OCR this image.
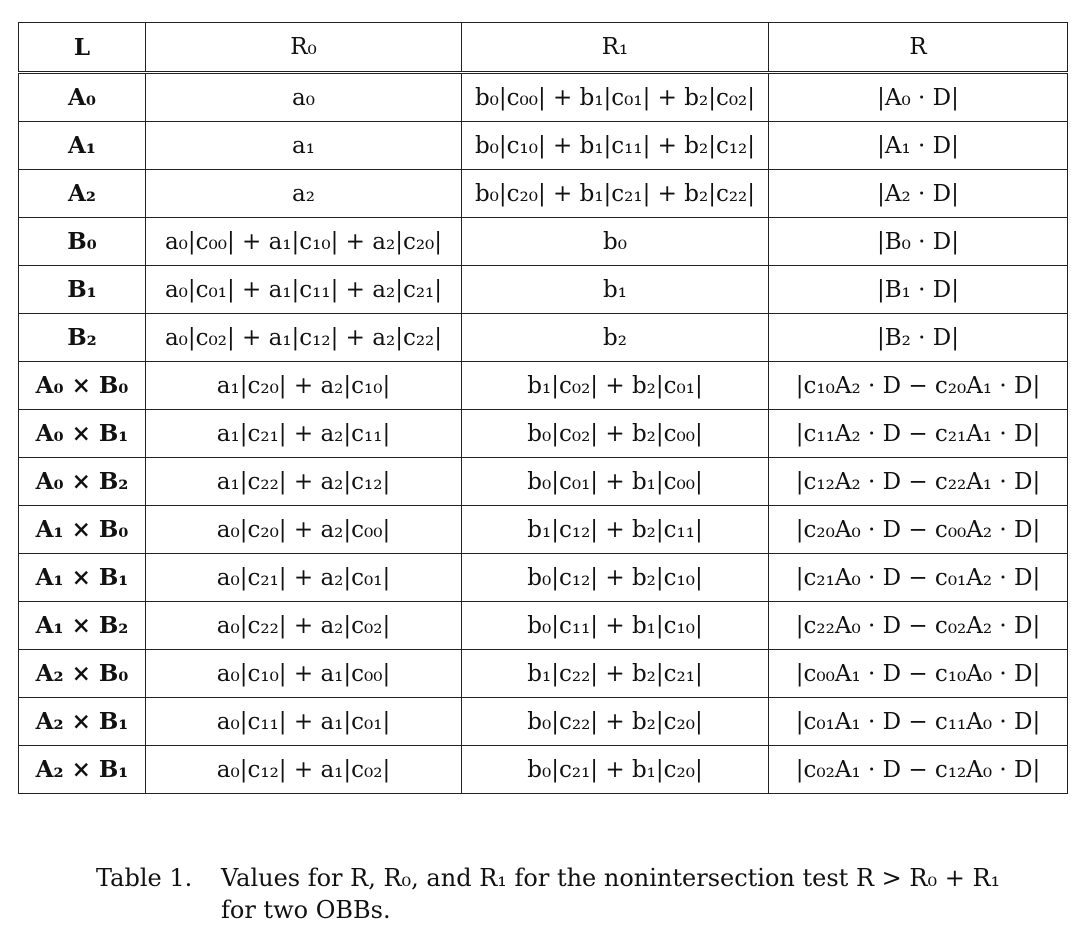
L	R₀	R₁	R
A₀	a₀	b₀|c₀₀| + b₁|c₀₁| + b₂|c₀₂|	|A₀ · D|
A₁	a₁	b₀|c₁₀| + b₁|c₁₁| + b₂|c₁₂|	|A₁ · D|
A₂	a₂	b₀|c₂₀| + b₁|c₂₁| + b₂|c₂₂|	|A₂ · D|
B₀	a₀|c₀₀| + a₁|c₁₀| + a₂|c₂₀|	b₀	|B₀ · D|
B₁	a₀|c₀₁| + a₁|c₁₁| + a₂|c₂₁|	b₁	|B₁ · D|
B₂	a₀|c₀₂| + a₁|c₁₂| + a₂|c₂₂|	b₂	|B₂ · D|
A₀ × B₀	a₁|c₂₀| + a₂|c₁₀|	b₁|c₀₂| + b₂|c₀₁|	|c₁₀A₂ · D − c₂₀A₁ · D|
A₀ × B₁	a₁|c₂₁| + a₂|c₁₁|	b₀|c₀₂| + b₂|c₀₀|	|c₁₁A₂ · D − c₂₁A₁ · D|
A₀ × B₂	a₁|c₂₂| + a₂|c₁₂|	b₀|c₀₁| + b₁|c₀₀|	|c₁₂A₂ · D − c₂₂A₁ · D|
A₁ × B₀	a₀|c₂₀| + a₂|c₀₀|	b₁|c₁₂| + b₂|c₁₁|	|c₂₀A₀ · D − c₀₀A₂ · D|
A₁ × B₁	a₀|c₂₁| + a₂|c₀₁|	b₀|c₁₂| + b₂|c₁₀|	|c₂₁A₀ · D − c₀₁A₂ · D|
A₁ × B₂	a₀|c₂₂| + a₂|c₀₂|	b₀|c₁₁| + b₁|c₁₀|	|c₂₂A₀ · D − c₀₂A₂ · D|
A₂ × B₀	a₀|c₁₀| + a₁|c₀₀|	b₁|c₂₂| + b₂|c₂₁|	|c₀₀A₁ · D − c₁₀A₀ · D|
A₂ × B₁	a₀|c₁₁| + a₁|c₀₁|	b₀|c₂₂| + b₂|c₂₀|	|c₀₁A₁ · D − c₁₁A₀ · D|
A₂ × B₁	a₀|c₁₂| + a₁|c₀₂|	b₀|c₂₁| + b₁|c₂₀|	|c₀₂A₁ · D − c₁₂A₀ · D|
Table 1. Values for R, R₀, and R₁ for the nonintersection test R > R₀ + R₁ for two OBBs.
